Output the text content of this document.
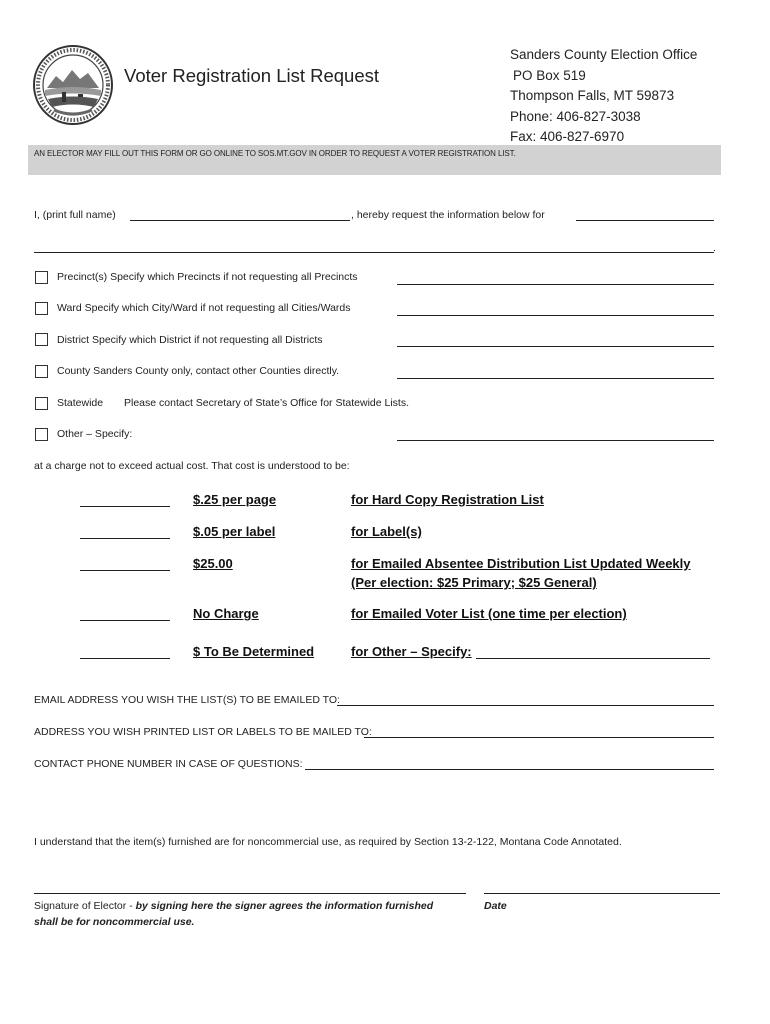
Voter Registration List Request
Sanders County Election Office
PO Box 519
Thompson Falls, MT 59873
Phone: 406-827-3038
Fax: 406-827-6970
AN ELECTOR MAY FILL OUT THIS FORM OR GO ONLINE TO SOS.MT.GOV IN ORDER TO REQUEST A VOTER REGISTRATION LIST.
I, (print full name)	, hereby request the information below for
.
Precinct(s) Specify which Precincts if not requesting all Precincts
Ward Specify which City/Ward if not requesting all Cities/Wards
District Specify which District if not requesting all Districts
County Sanders County only, contact other Counties directly.
Statewide Please contact Secretary of State’s Office for Statewide Lists.
Other – Specify:
at a charge not to exceed actual cost. That cost is understood to be:
$.25 per page	for Hard Copy Registration List
$.05 per label	for Label(s)
$25.00	for Emailed Absentee Distribution List Updated Weekly
(Per election: $25 Primary; $25 General)
No Charge	for Emailed Voter List (one time per election)
$ To Be Determined	for Other – Specify:
EMAIL ADDRESS YOU WISH THE LIST(S) TO BE EMAILED TO:
ADDRESS YOU WISH PRINTED LIST OR LABELS TO BE MAILED TO:
CONTACT PHONE NUMBER IN CASE OF QUESTIONS:
I understand that the item(s) furnished are for noncommercial use, as required by Section 13-2-122, Montana Code Annotated.
Signature of Elector - by signing here the signer agrees the information furnished
shall be for noncommercial use.
Date
